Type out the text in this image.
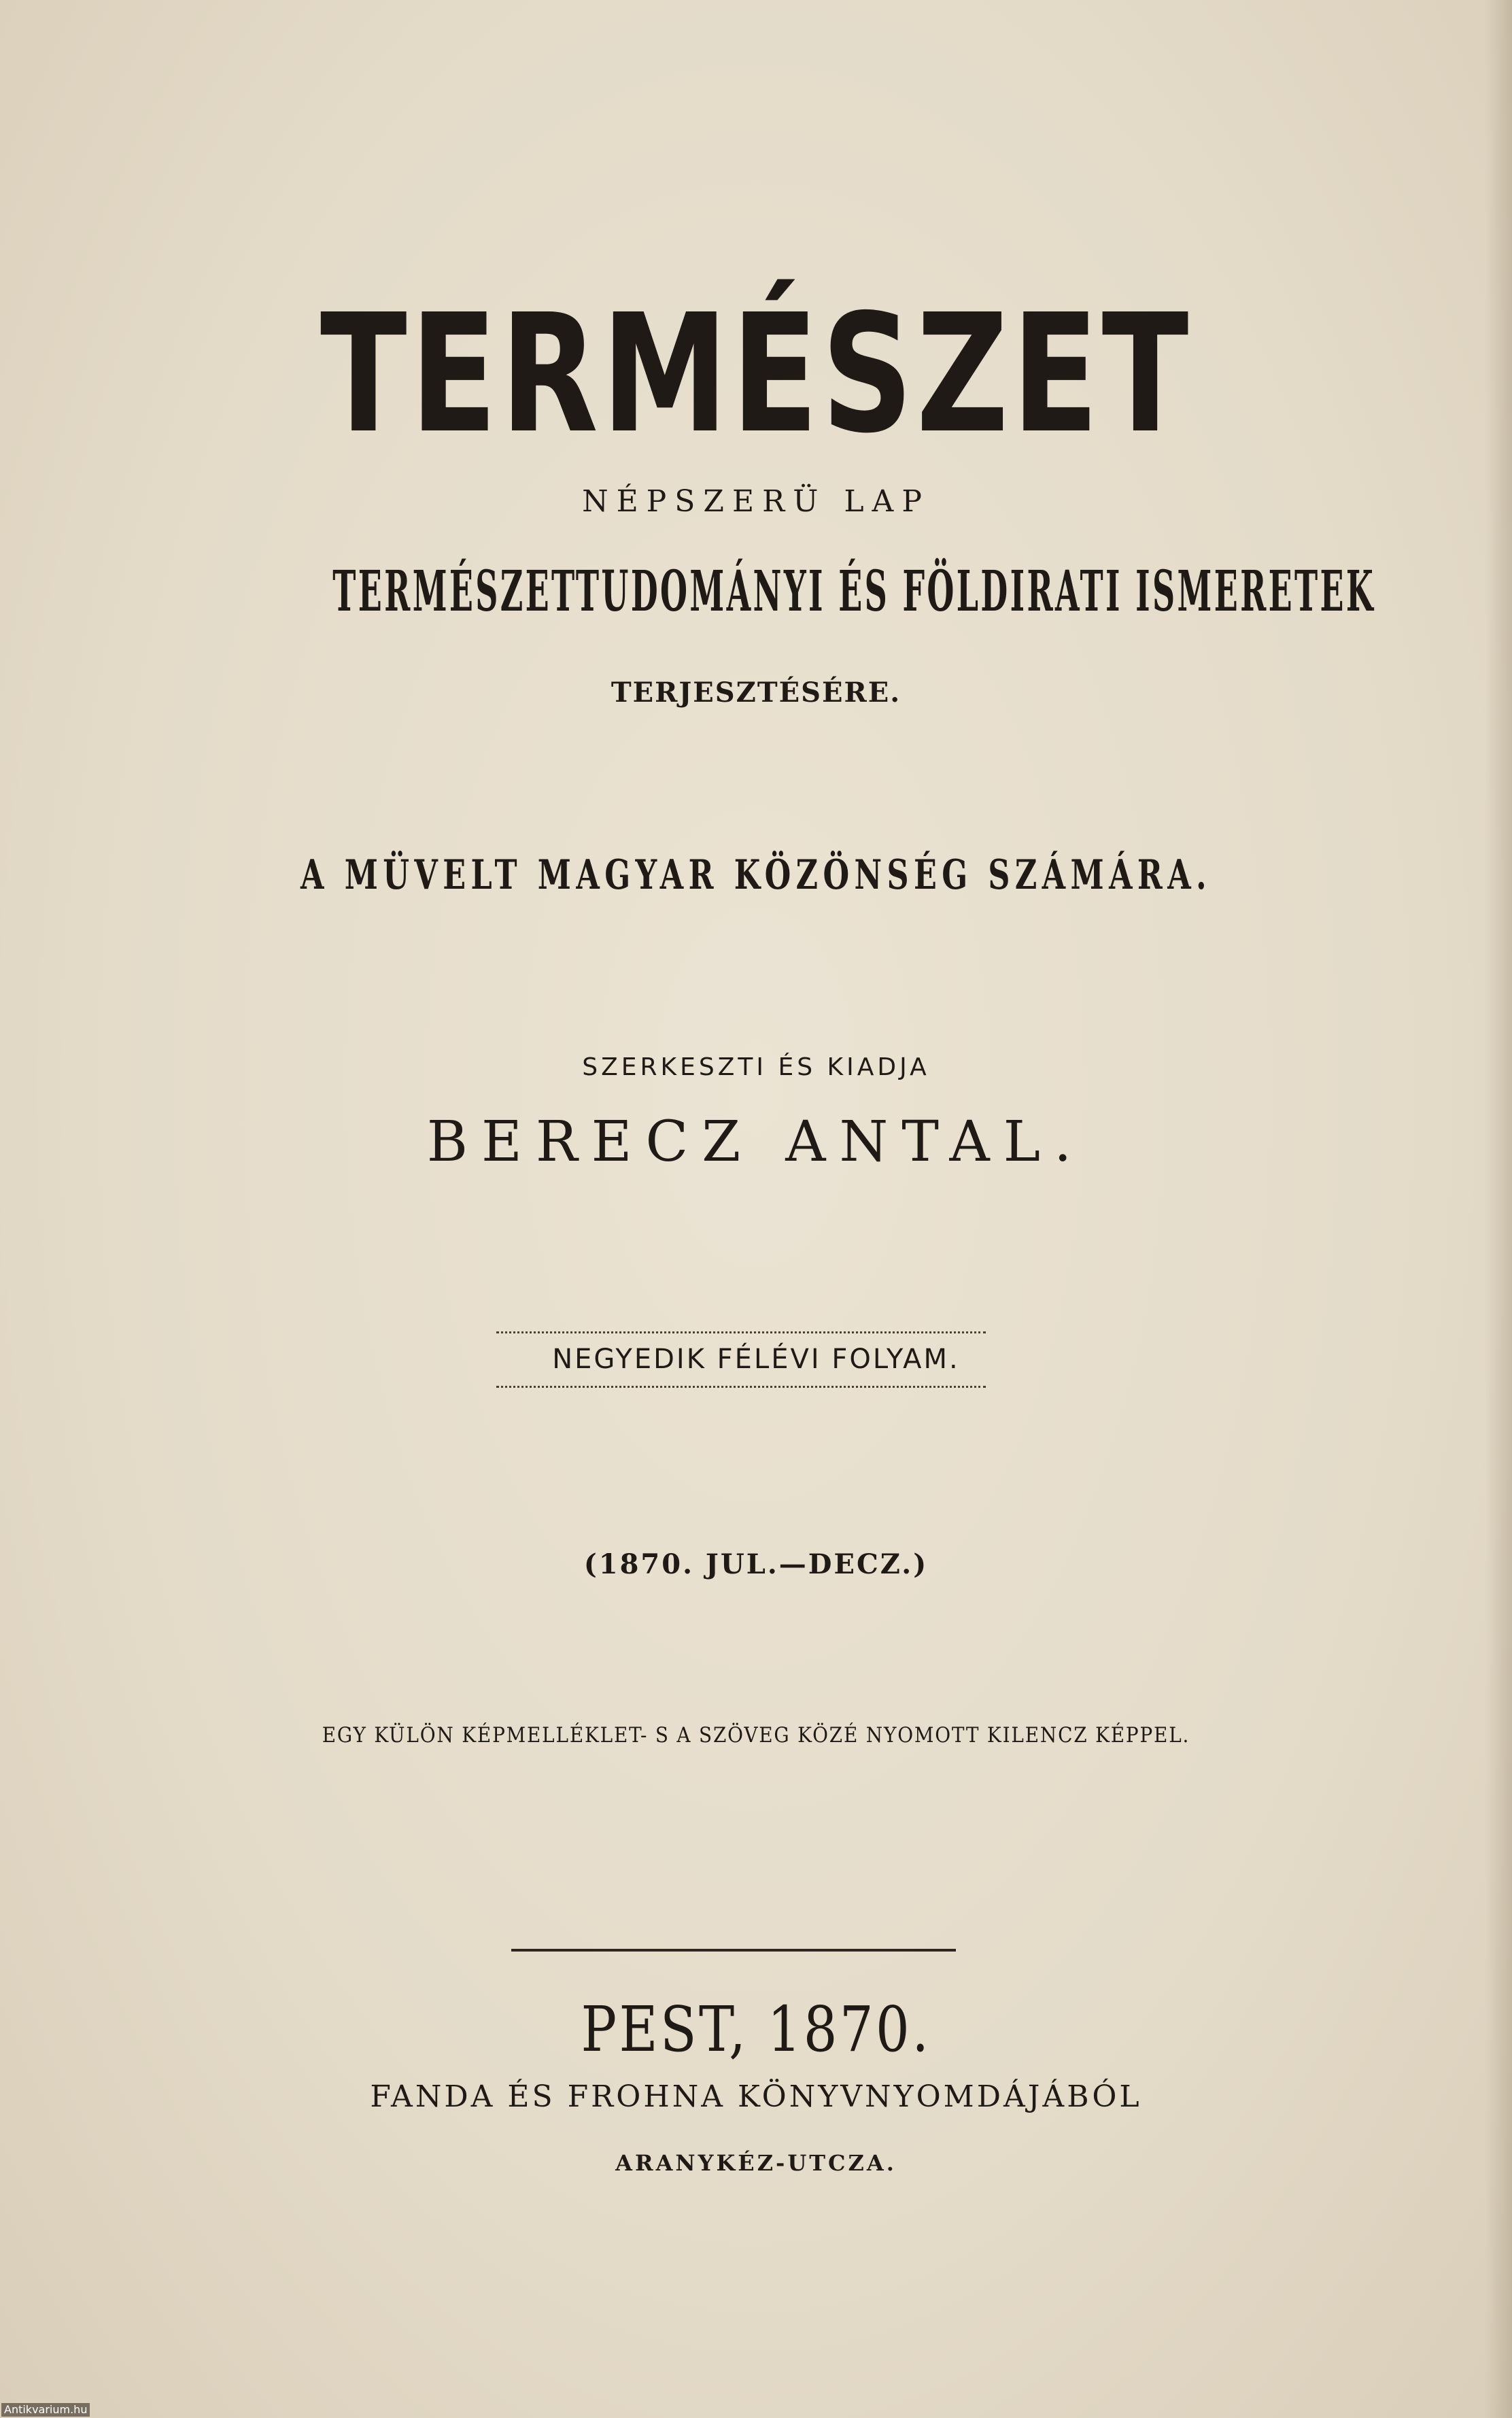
TERMÉSZET
NÉPSZERÜ LAP
TERMÉSZETTUDOMÁNYI ÉS FÖLDIRATI ISMERETEK
TERJESZTÉSÉRE.
A MÜVELT MAGYAR KÖZÖNSÉG SZÁMÁRA.
SZERKESZTI ÉS KIADJA
BERECZ ANTAL.
NEGYEDIK FÉLÉVI FOLYAM.
(1870. JUL.—DECZ.)
EGY KÜLÖN KÉPMELLÉKLET- S A SZÖVEG KÖZÉ NYOMOTT KILENCZ KÉPPEL.
PEST, 1870.
FANDA ÉS FROHNA KÖNYVNYOMDÁJÁBÓL
ARANYKÉZ-UTCZA.
Antikvarium.hu
